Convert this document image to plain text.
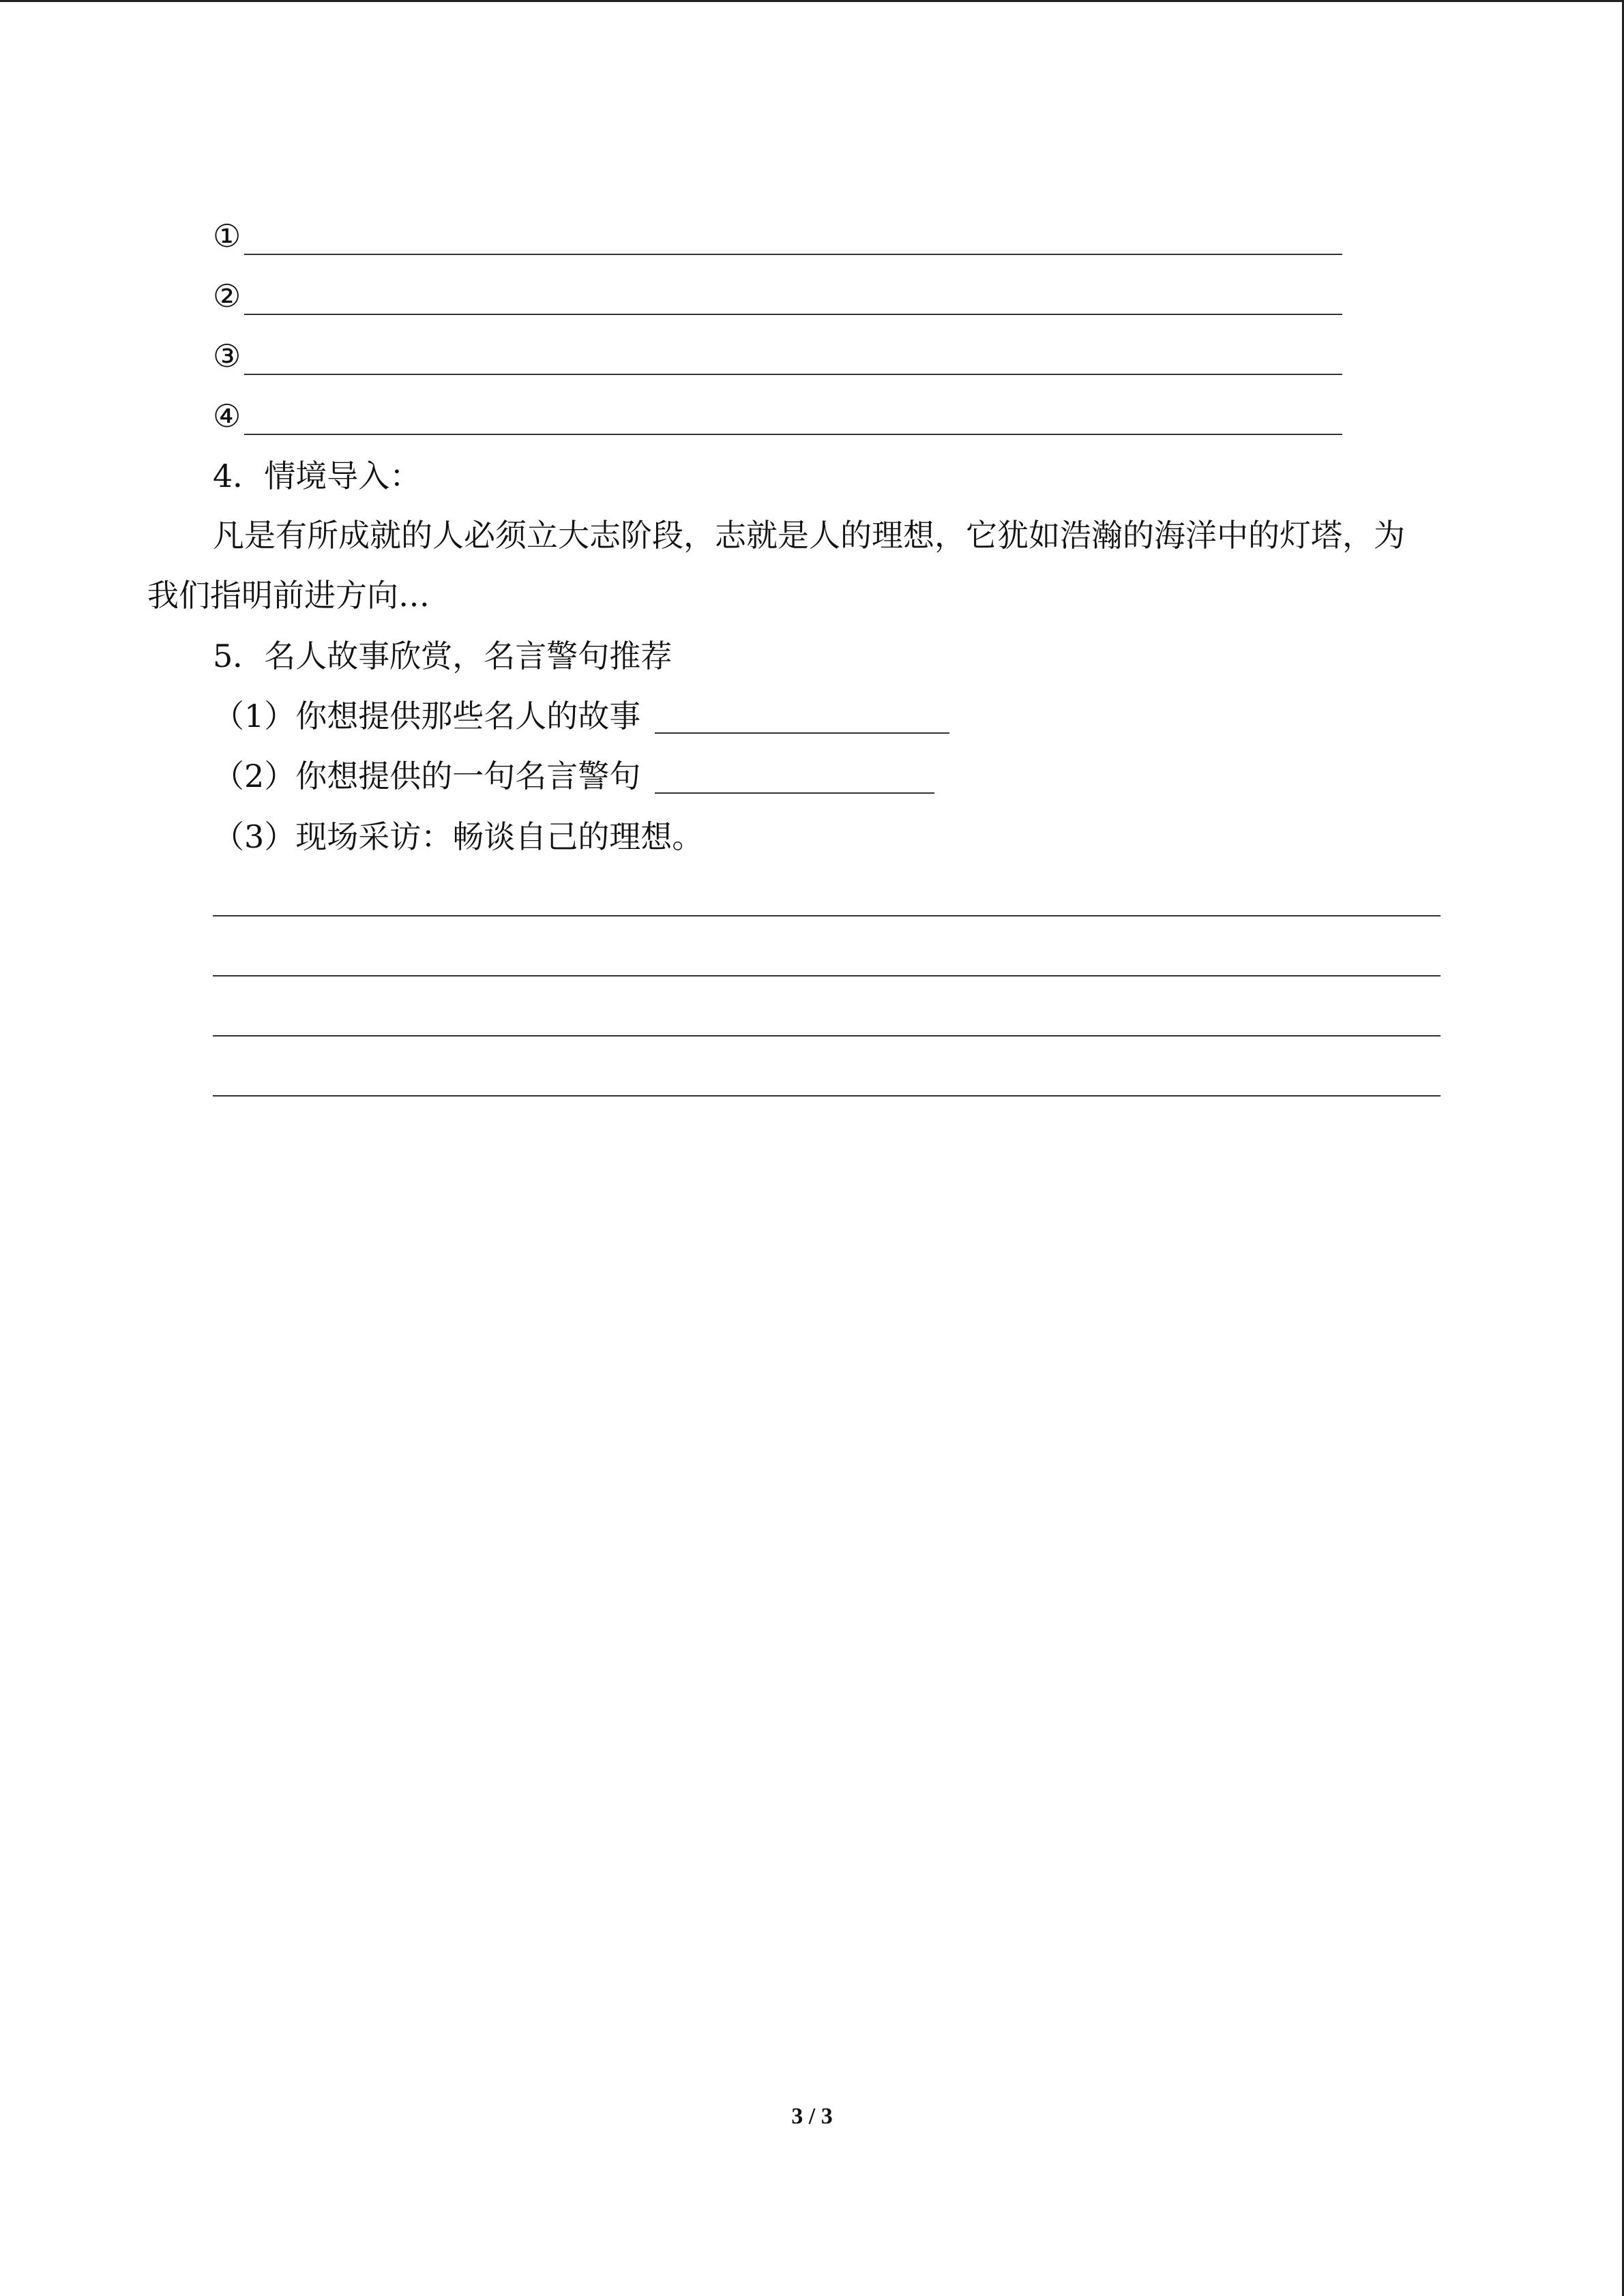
①
②
③
④
4．情境导入：
凡是有所成就的人必须立大志阶段，志就是人的理想，它犹如浩瀚的海洋中的灯塔，为
我们指明前进方向…
5．名人故事欣赏，名言警句推荐
（1）你想提供那些名人的故事
（2）你想提供的一句名言警句
（3）现场采访：畅谈自己的理想。
3 / 3
